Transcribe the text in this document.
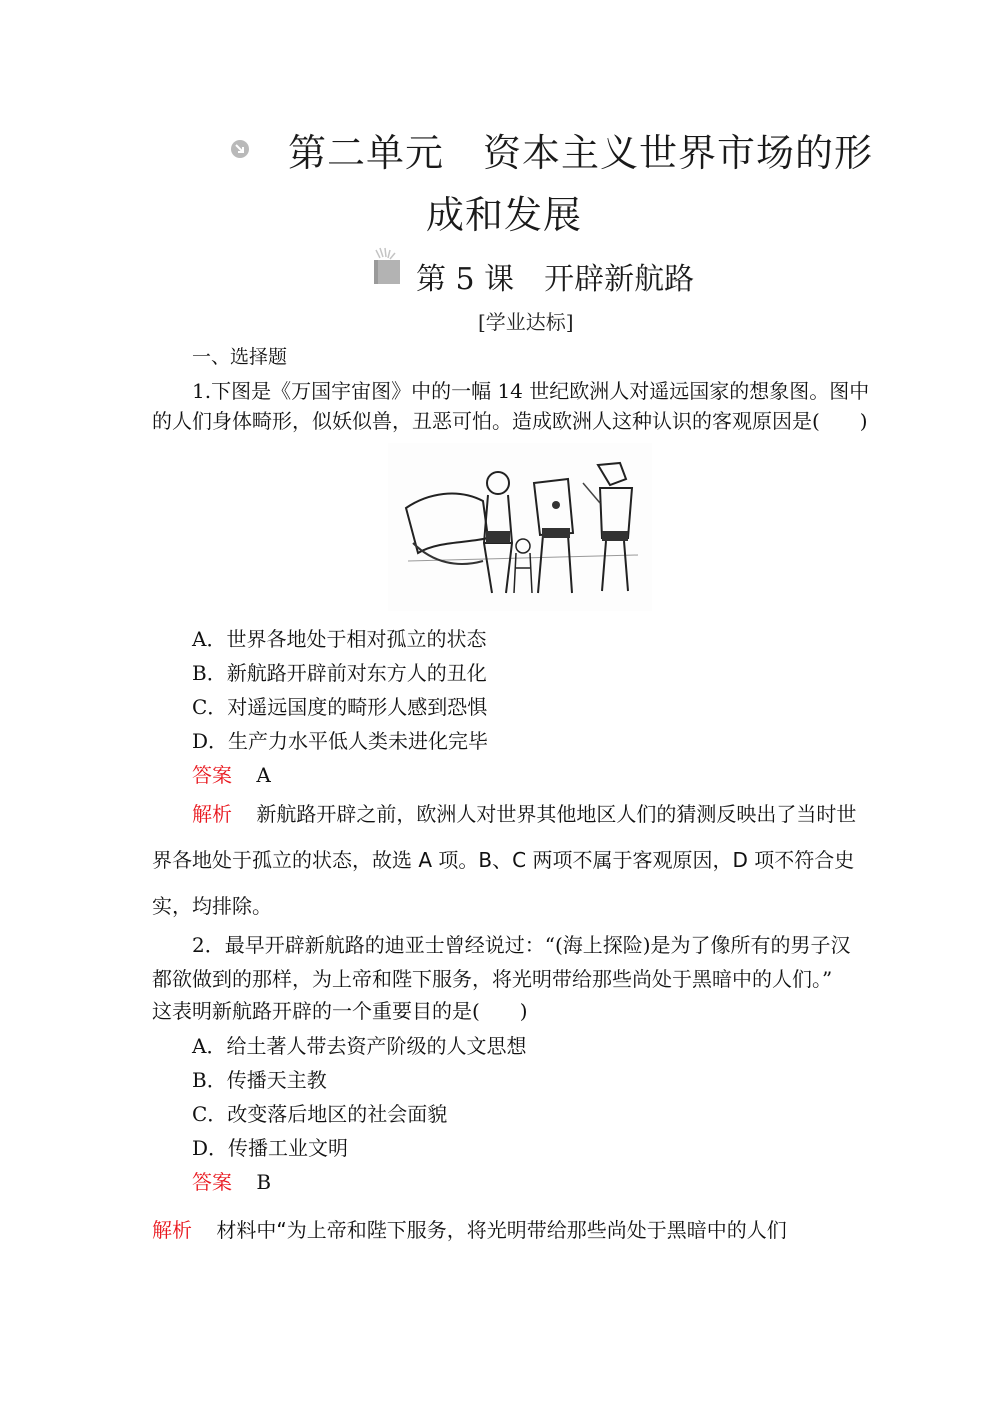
第二单元　资本主义世界市场的形
成和发展
第 5 课　开辟新航路
[学业达标]
一、选择题
1.下图是《万国宇宙图》中的一幅 14 世纪欧洲人对遥远国家的想象图。图中
的人们身体畸形，似妖似兽，丑恶可怕。造成欧洲人这种认识的客观原因是(　　)
A．世界各地处于相对孤立的状态
B．新航路开辟前对东方人的丑化
C．对遥远国度的畸形人感到恐惧
D．生产力水平低人类未进化完毕
答案 A
解析 新航路开辟之前，欧洲人对世界其他地区人们的猜测反映出了当时世
界各地处于孤立的状态，故选 A 项。B、C 两项不属于客观原因，D 项不符合史
实，均排除。
2．最早开辟新航路的迪亚士曾经说过：“(海上探险)是为了像所有的男子汉
都欲做到的那样，为上帝和陛下服务，将光明带给那些尚处于黑暗中的人们。”
这表明新航路开辟的一个重要目的是(　　)
A．给土著人带去资产阶级的人文思想
B．传播天主教
C．改变落后地区的社会面貌
D．传播工业文明
答案 B
解析 材料中“为上帝和陛下服务，将光明带给那些尚处于黑暗中的人们
